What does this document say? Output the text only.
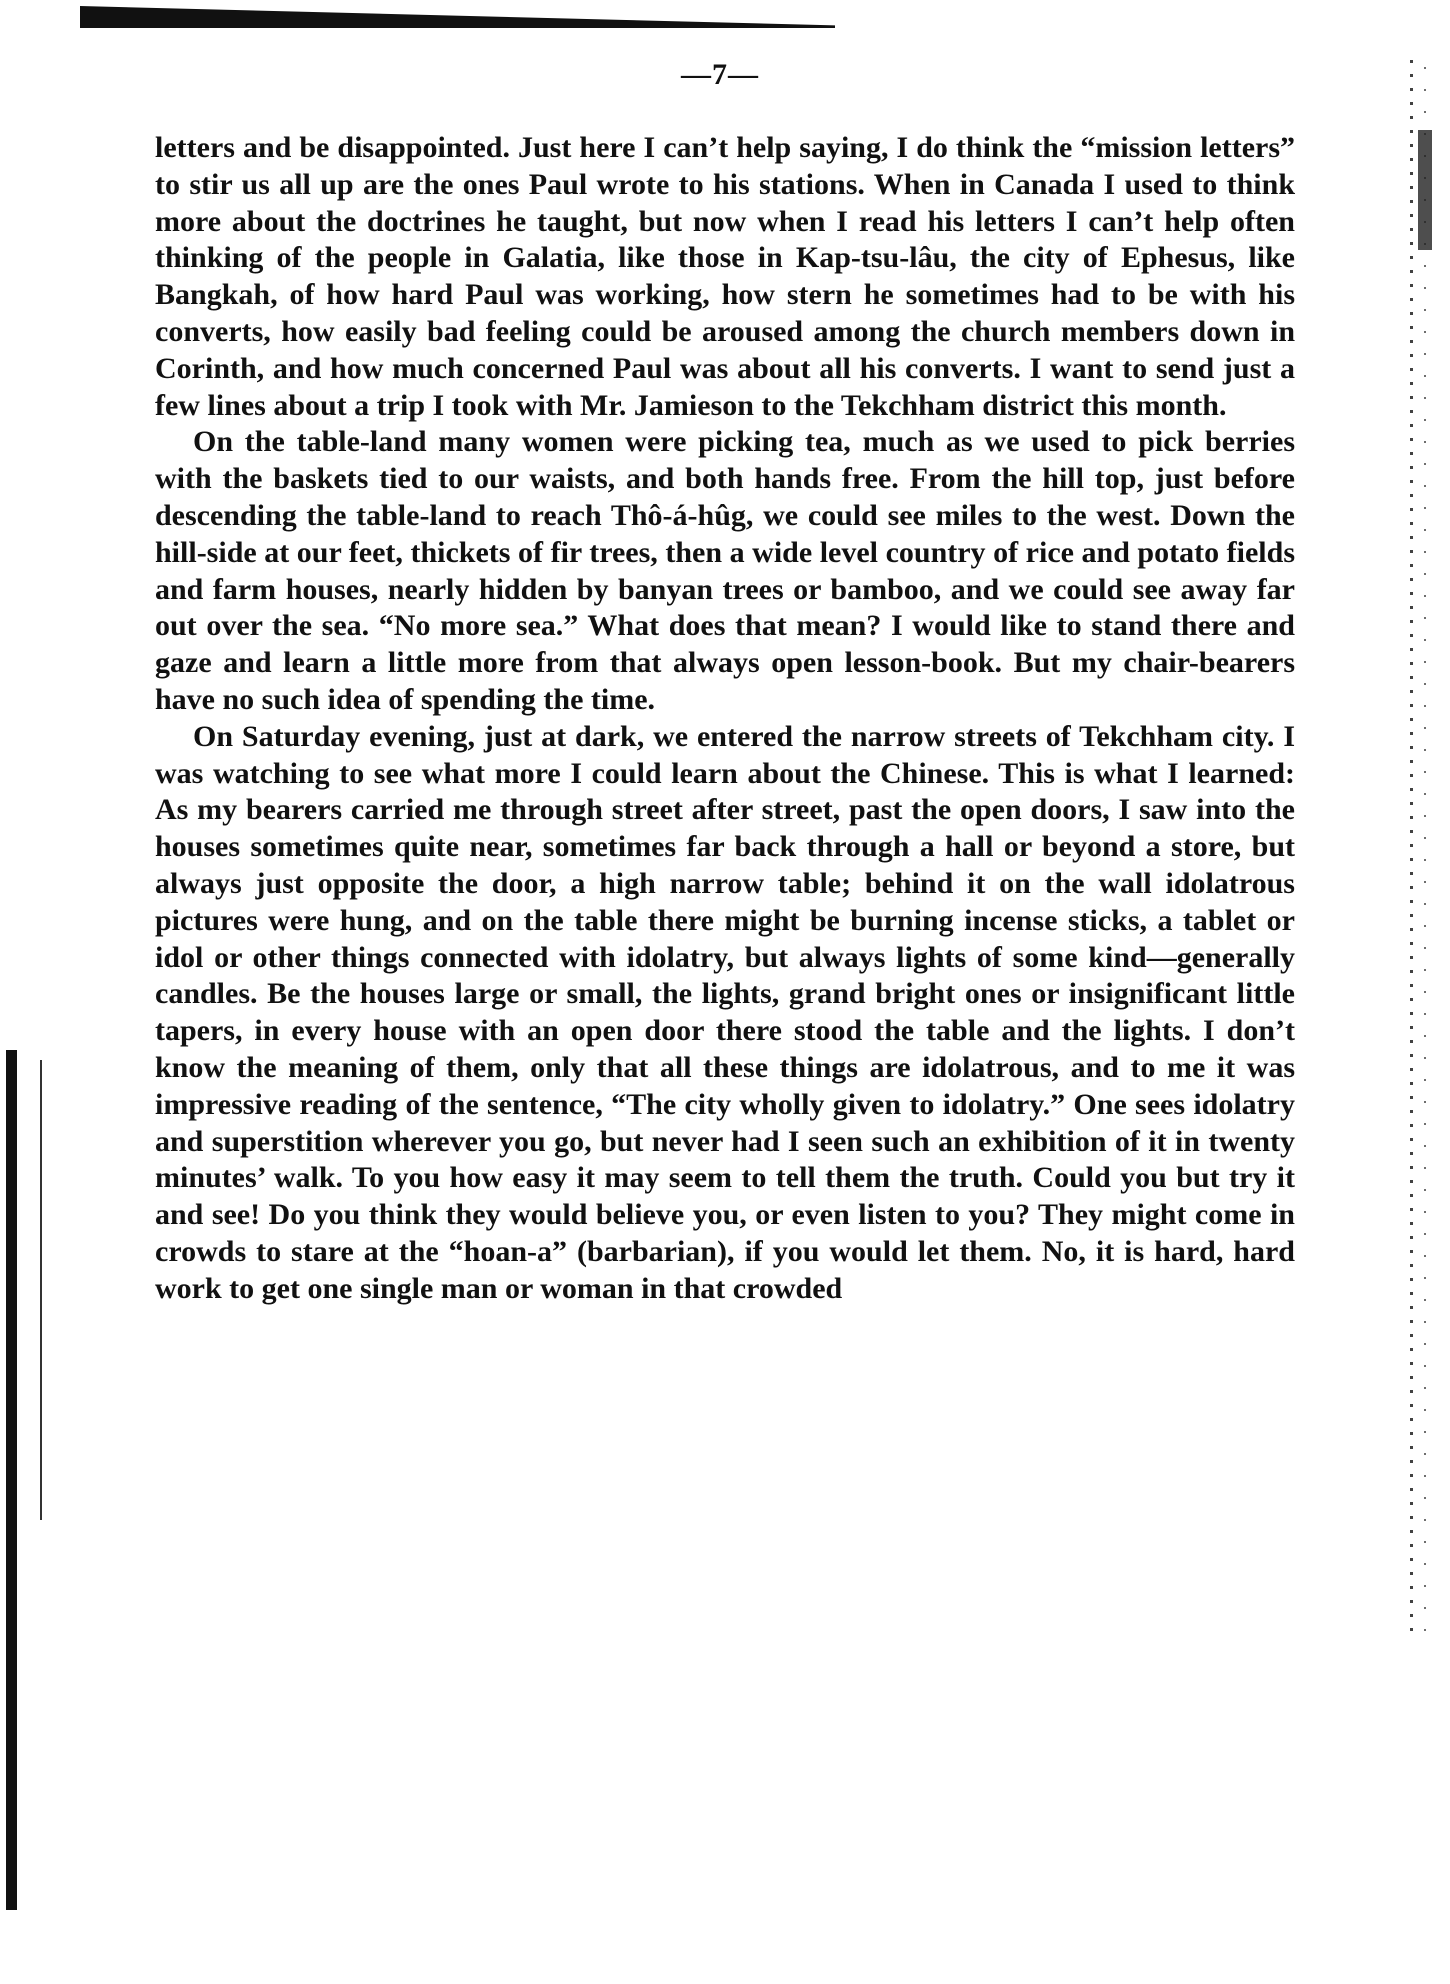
—7—

letters and be disappointed. Just here I can’t help saying, I do think the “mission letters” to stir us all up are the ones Paul wrote to his stations. When in Canada I used to think more about the doctrines he taught, but now when I read his letters I can’t help often thinking of the people in Galatia, like those in Kap-tsu-lâu, the city of Ephesus, like Bangkah, of how hard Paul was working, how stern he sometimes had to be with his converts, how easily bad feeling could be aroused among the church members down in Corinth, and how much concerned Paul was about all his converts. I want to send just a few lines about a trip I took with Mr. Jamieson to the Tekchham district this month.

On the table-land many women were picking tea, much as we used to pick berries with the baskets tied to our waists, and both hands free. From the hill top, just before descending the table-land to reach Thô-á-hûg, we could see miles to the west. Down the hill-side at our feet, thickets of fir trees, then a wide level country of rice and potato fields and farm houses, nearly hidden by banyan trees or bamboo, and we could see away far out over the sea. “No more sea.” What does that mean? I would like to stand there and gaze and learn a little more from that always open lesson-book. But my chair-bearers have no such idea of spending the time.

On Saturday evening, just at dark, we entered the narrow streets of Tekchham city. I was watching to see what more I could learn about the Chinese. This is what I learned: As my bearers carried me through street after street, past the open doors, I saw into the houses sometimes quite near, sometimes far back through a hall or beyond a store, but always just opposite the door, a high narrow table; behind it on the wall idolatrous pictures were hung, and on the table there might be burning incense sticks, a tablet or idol or other things connected with idolatry, but always lights of some kind—generally candles. Be the houses large or small, the lights, grand bright ones or insignificant little tapers, in every house with an open door there stood the table and the lights. I don’t know the meaning of them, only that all these things are idolatrous, and to me it was impressive reading of the sentence, “The city wholly given to idolatry.” One sees idolatry and superstition wherever you go, but never had I seen such an exhibition of it in twenty minutes’ walk. To you how easy it may seem to tell them the truth. Could you but try it and see! Do you think they would believe you, or even listen to you? They might come in crowds to stare at the “hoan-a” (barbarian), if you would let them. No, it is hard, hard work to get one single man or woman in that crowded
